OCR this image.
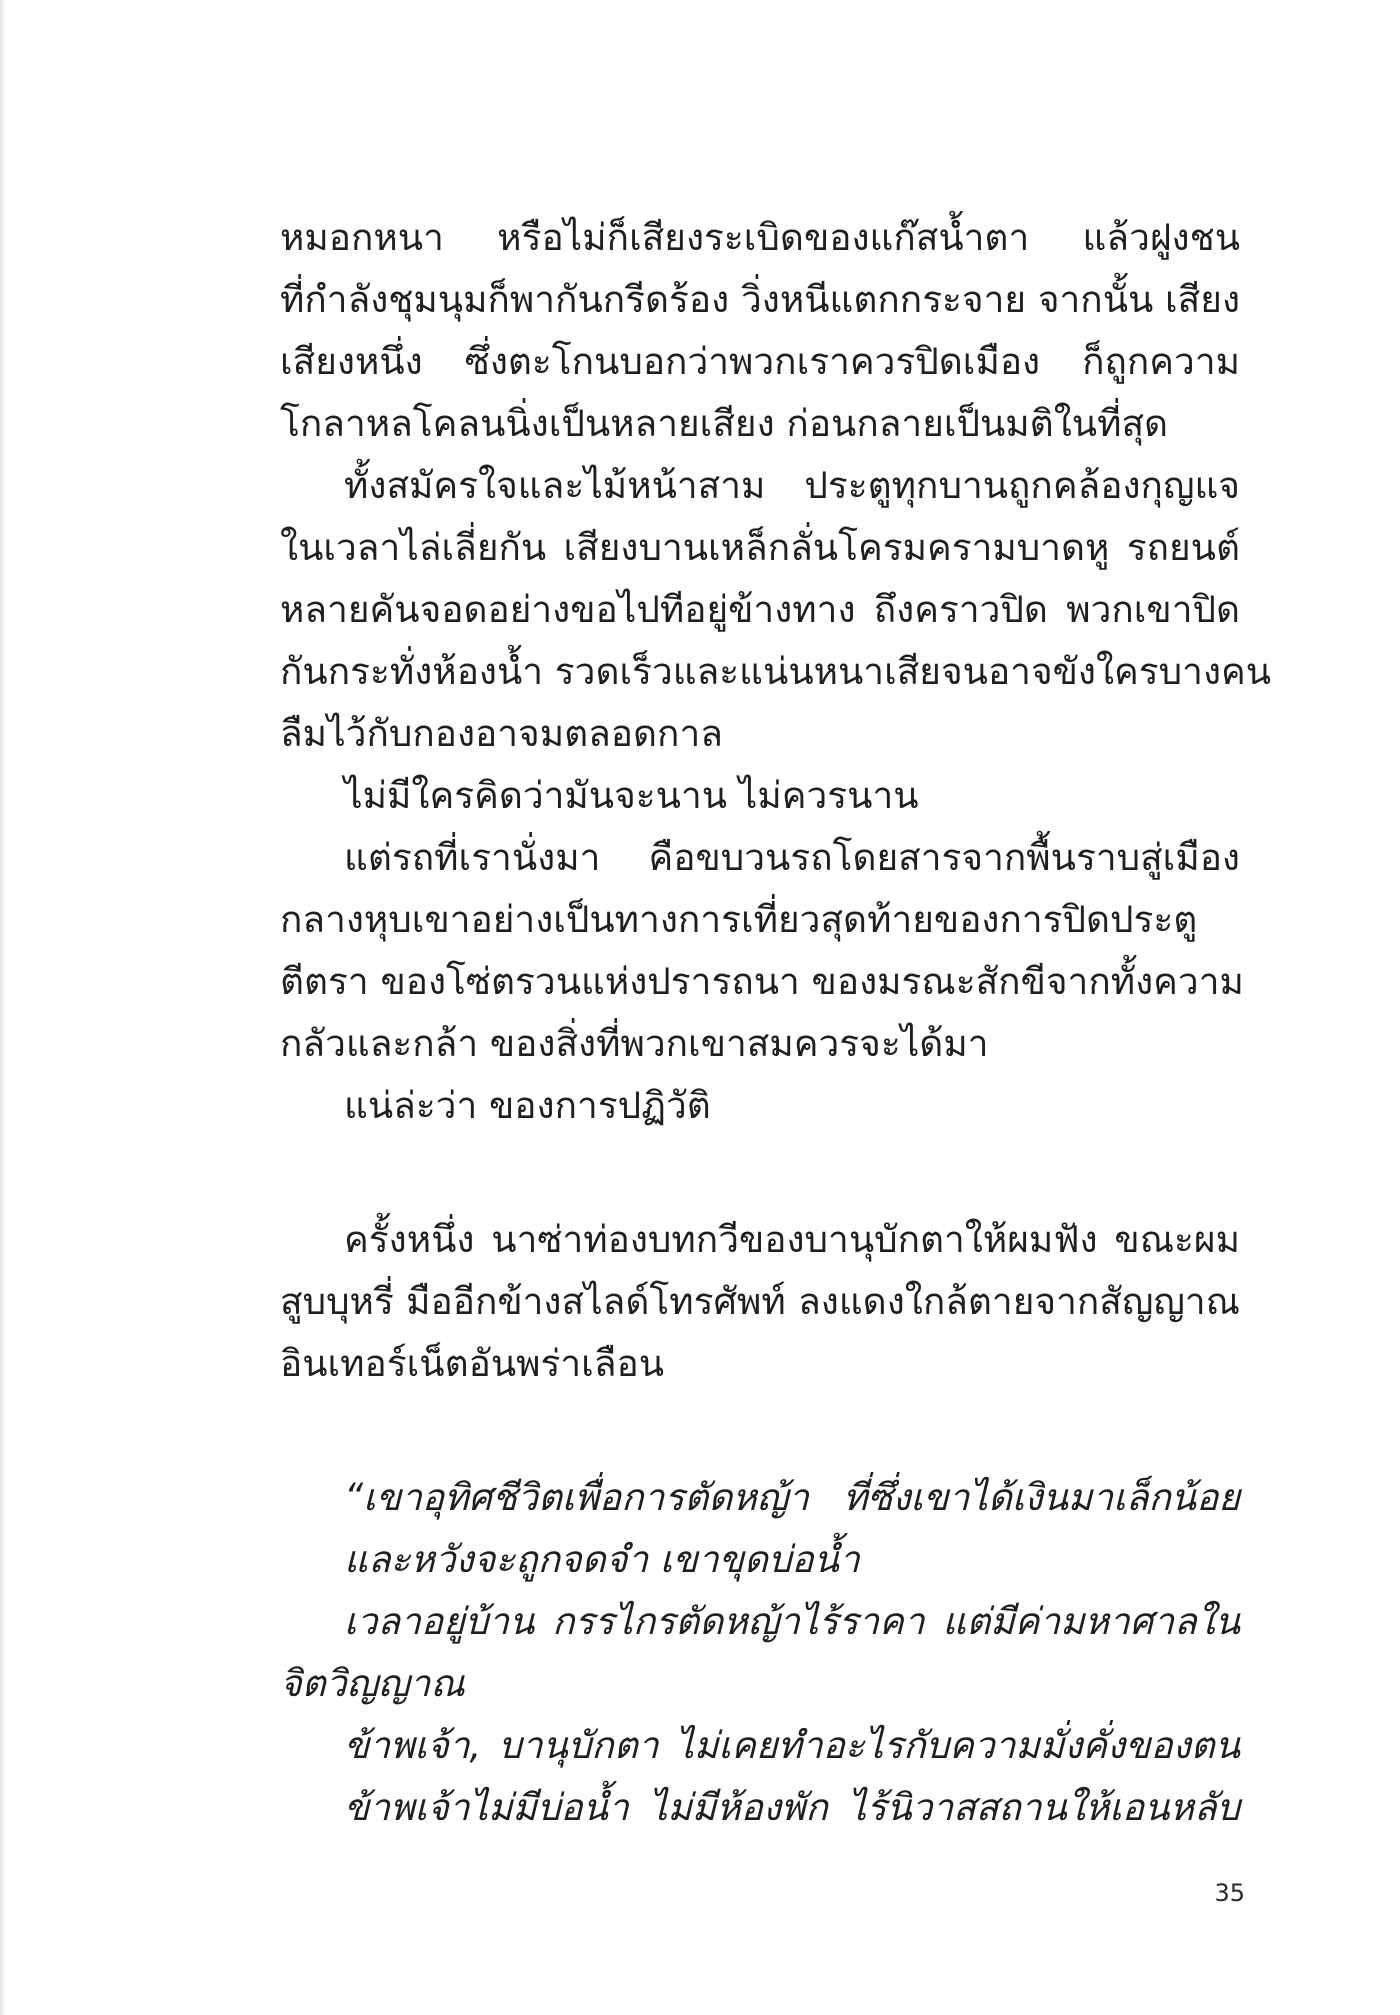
หมอกหนา หรือไม่ก็เสียงระเบิดของแก๊สน้ำตา แล้วฝูงชน
ที่กำลังชุมนุมก็พากันกรีดร้อง วิ่งหนีแตกกระจาย จากนั้น เสียง
เสียงหนึ่ง ซึ่งตะโกนบอกว่าพวกเราควรปิดเมือง ก็ถูกความ
โกลาหลโคลนนิ่งเป็นหลายเสียง ก่อนกลายเป็นมติในที่สุด
ทั้งสมัครใจและไม้หน้าสาม ประตูทุกบานถูกคล้องกุญแจ
ในเวลาไล่เลี่ยกัน เสียงบานเหล็กลั่นโครมครามบาดหู รถยนต์
หลายคันจอดอย่างขอไปทีอยู่ข้างทาง ถึงคราวปิด พวกเขาปิด
กันกระทั่งห้องน้ำ รวดเร็วและแน่นหนาเสียจนอาจขังใครบางคน
ลืมไว้กับกองอาจมตลอดกาล
ไม่มีใครคิดว่ามันจะนาน ไม่ควรนาน
แต่รถที่เรานั่งมา คือขบวนรถโดยสารจากพื้นราบสู่เมือง
กลางหุบเขาอย่างเป็นทางการเที่ยวสุดท้ายของการปิดประตู
ตีตรา ของโซ่ตรวนแห่งปรารถนา ของมรณะสักขีจากทั้งความ
กลัวและกล้า ของสิ่งที่พวกเขาสมควรจะได้มา
แน่ล่ะว่า ของการปฏิวัติ
ครั้งหนึ่ง นาซ่าท่องบทกวีของบานุบักตาให้ผมฟัง ขณะผม
สูบบุหรี่ มืออีกข้างสไลด์โทรศัพท์ ลงแดงใกล้ตายจากสัญญาณ
อินเทอร์เน็ตอันพร่าเลือน
“เขาอุทิศชีวิตเพื่อการตัดหญ้า ที่ซึ่งเขาได้เงินมาเล็กน้อย
และหวังจะถูกจดจำ เขาขุดบ่อน้ำ
เวลาอยู่บ้าน กรรไกรตัดหญ้าไร้ราคา แต่มีค่ามหาศาลใน
จิตวิญญาณ
ข้าพเจ้า, บานุบักตา ไม่เคยทำอะไรกับความมั่งคั่งของตน
ข้าพเจ้าไม่มีบ่อน้ำ ไม่มีห้องพัก ไร้นิวาสสถานให้เอนหลับ
35
